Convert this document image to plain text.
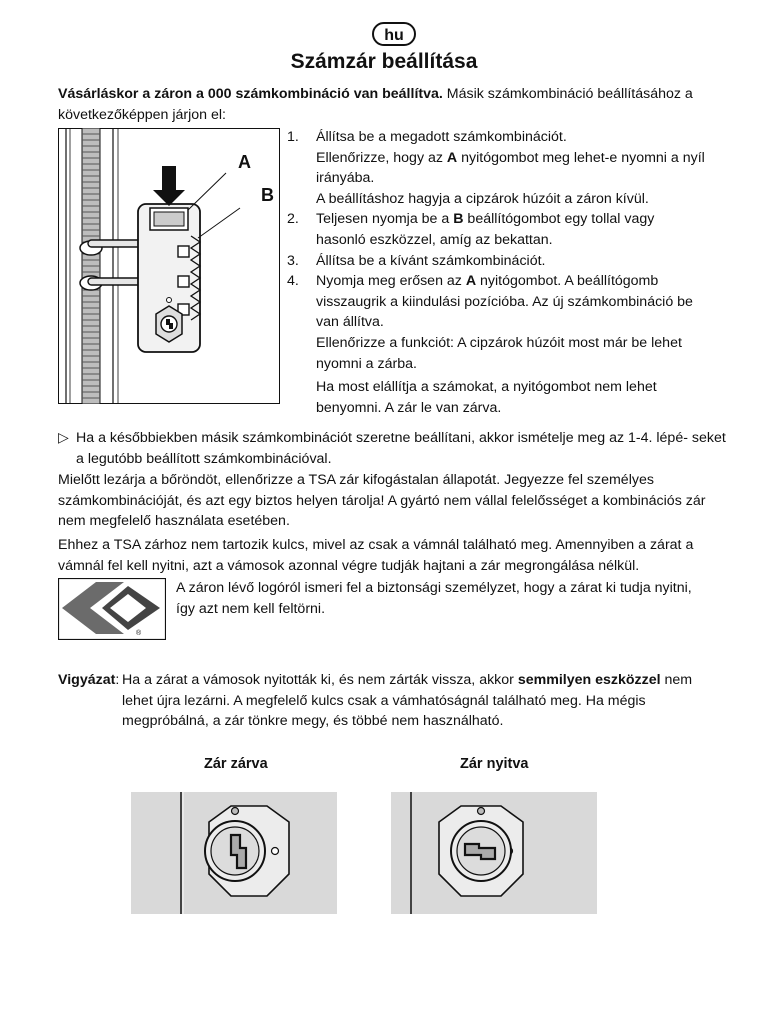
hu
Számzár beállítása

Vásárláskor a záron a 000 számkombináció van beállítva. Másik számkombináció beállításához a következőképpen járjon el:

A
B
1. Állítsa be a megadott számkombinációt.
Ellenőrizze, hogy az A nyitógombot meg lehet-e nyomni a nyíl irányába.
A beállításhoz hagyja a cipzárok húzóit a záron kívül.
2. Teljesen nyomja be a B beállítógombot egy tollal vagy hasonló eszközzel, amíg az bekattan.
3. Állítsa be a kívánt számkombinációt.
4. Nyomja meg erősen az A nyitógombot. A beállítógomb visszaugrik a kiindulási pozícióba. Az új számkombináció be van állítva.
Ellenőrizze a funkciót: A cipzárok húzóit most már be lehet nyomni a zárba.
Ha most elállítja a számokat, a nyitógombot nem lehet benyomni. A zár le van zárva.
▷ Ha a későbbiekben másik számkombinációt szeretne beállítani, akkor ismételje meg az 1-4. lépé- seket a legutóbb beállított számkombinációval.

Mielőtt lezárja a bőröndöt, ellenőrizze a TSA zár kifogástalan állapotát. Jegyezze fel személyes számkombinációját, és azt egy biztos helyen tárolja! A gyártó nem vállal felelősséget a kombinációs zár nem megfelelő használata esetében.

Ehhez a TSA zárhoz nem tartozik kulcs, mivel az csak a vámnál található meg. Amennyiben a zárat a vámnál fel kell nyitni, azt a vámosok azonnal végre tudják hajtani a zár megrongálása nélkül.

®

A záron lévő logóról ismeri fel a biztonsági személyzet, hogy a zárat ki tudja nyitni, így azt nem kell feltörni.

Vigyázat: Ha a zárat a vámosok nyitották ki, és nem zárták vissza, akkor semmilyen eszközzel nem lehet újra lezárni. A megfelelő kulcs csak a vámhatóságnál található meg. Ha mégis megpróbálná, a zár tönkre megy, és többé nem használható.
Zár zárva	Zár nyitva
